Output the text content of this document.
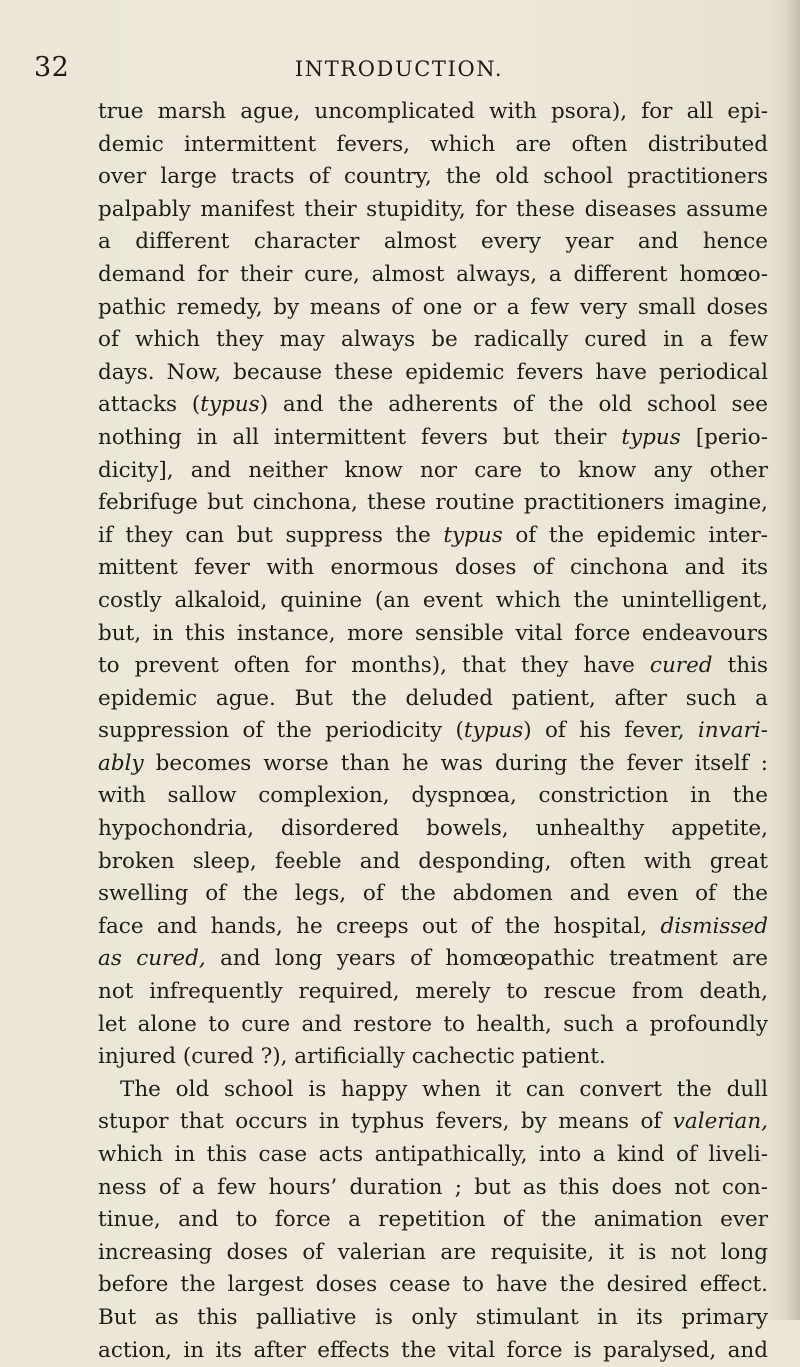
32	INTRODUCTION.
true marsh ague, uncomplicated with psora), for all epi-
demic intermittent fevers, which are often distributed
over large tracts of country, the old school practitioners
palpably manifest their stupidity, for these diseases assume
a different character almost every year and hence
demand for their cure, almost always, a different homœo-
pathic remedy, by means of one or a few very small doses
of which they may always be radically cured in a few
days. Now, because these epidemic fevers have periodical
attacks (typus) and the adherents of the old school see
nothing in all intermittent fevers but their typus [perio-
dicity], and neither know nor care to know any other
febrifuge but cinchona, these routine practitioners imagine,
if they can but suppress the typus of the epidemic inter-
mittent fever with enormous doses of cinchona and its
costly alkaloid, quinine (an event which the unintelligent,
but, in this instance, more sensible vital force endeavours
to prevent often for months), that they have cured this
epidemic ague. But the deluded patient, after such a
suppression of the periodicity (typus) of his fever, invari-
ably becomes worse than he was during the fever itself :
with sallow complexion, dyspnœa, constriction in the
hypochondria, disordered bowels, unhealthy appetite,
broken sleep, feeble and desponding, often with great
swelling of the legs, of the abdomen and even of the
face and hands, he creeps out of the hospital, dismissed
as cured, and long years of homœopathic treatment are
not infrequently required, merely to rescue from death,
let alone to cure and restore to health, such a profoundly
injured (cured ?), artificially cachectic patient.
The old school is happy when it can convert the dull
stupor that occurs in typhus fevers, by means of valerian,
which in this case acts antipathically, into a kind of liveli-
ness of a few hours’ duration ; but as this does not con-
tinue, and to force a repetition of the animation ever
increasing doses of valerian are requisite, it is not long
before the largest doses cease to have the desired effect.
But as this palliative is only stimulant in its primary
action, in its after effects the vital force is paralysed, and
